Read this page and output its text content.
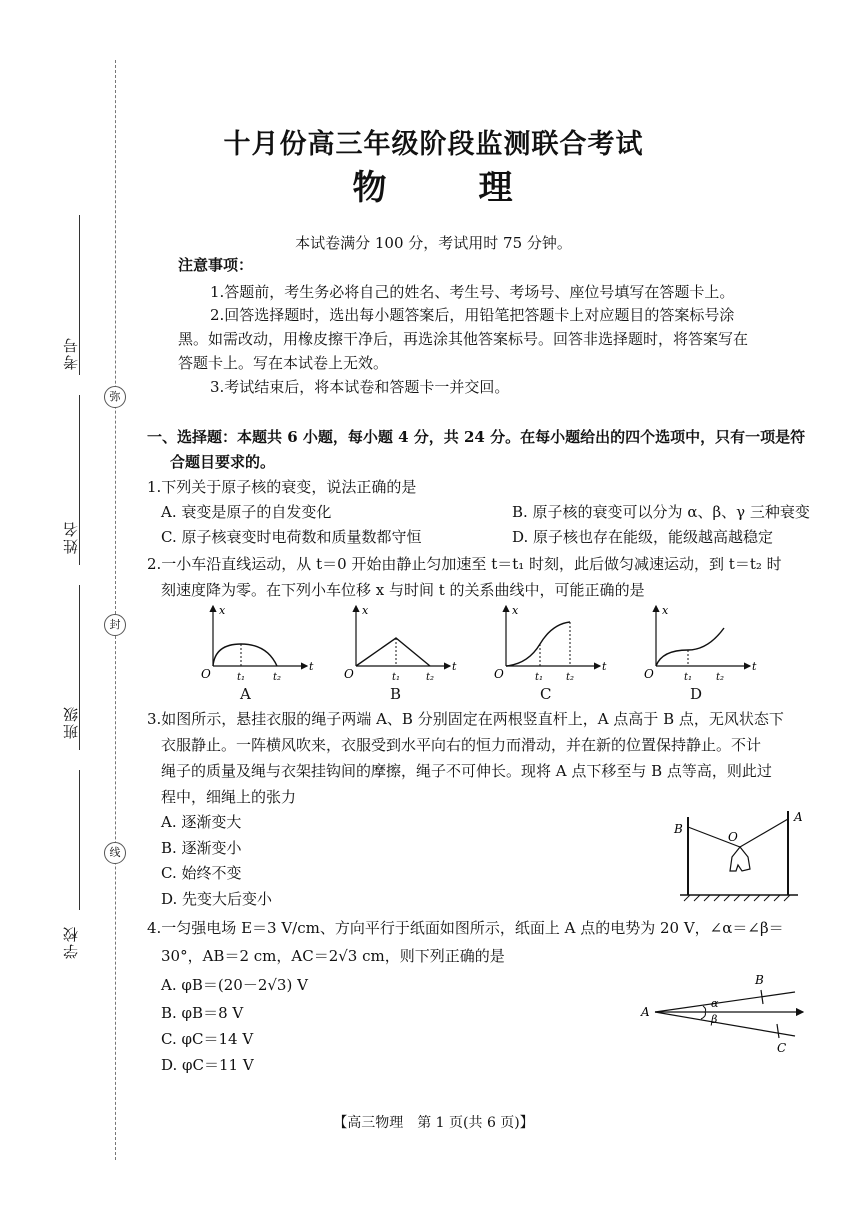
弥
封
线
考号
姓名
班级
学校
十月份高三年级阶段监测联合考试
物	理
本试卷满分 100 分，考试用时 75 分钟。
注意事项：
1.答题前，考生务必将自己的姓名、考生号、考场号、座位号填写在答题卡上。
2.回答选择题时，选出每小题答案后，用铅笔把答题卡上对应题目的答案标号涂
黑。如需改动，用橡皮擦干净后，再选涂其他答案标号。回答非选择题时，将答案写在
答题卡上。写在本试卷上无效。
3.考试结束后，将本试卷和答题卡一并交回。
一、选择题：本题共 6 小题，每小题 4 分，共 24 分。在每小题给出的四个选项中，只有一项是符
合题目要求的。
1.下列关于原子核的衰变，说法正确的是
A. 衰变是原子的自发变化	B. 原子核的衰变可以分为 α、β、γ 三种衰变
C. 原子核衰变时电荷数和质量数都守恒	D. 原子核也存在能级，能级越高越稳定
2.一小车沿直线运动，从 t＝0 开始由静止匀加速至 t＝t₁ 时刻，此后做匀减速运动，到 t＝t₂ 时
刻速度降为零。在下列小车位移 x 与时间 t 的关系曲线中，可能正确的是
x
t
O	t₁	t₂
x
t
O	t₁	t₂
x
t
O	t₁ t₂
x
t
O	t₁ t₂
A	B	C	D
3.如图所示，悬挂衣服的绳子两端 A、B 分别固定在两根竖直杆上，A 点高于 B 点，无风状态下
衣服静止。一阵横风吹来，衣服受到水平向右的恒力而滑动，并在新的位置保持静止。不计
绳子的质量及绳与衣架挂钩间的摩擦，绳子不可伸长。现将 A 点下移至与 B 点等高，则此过
程中，细绳上的张力
A. 逐渐变大
B. 逐渐变小
C. 始终不变
D. 先变大后变小
B
A
O
4.一匀强电场 E＝3 V/cm、方向平行于纸面如图所示，纸面上 A 点的电势为 20 V，∠α＝∠β＝
30°，AB＝2 cm，AC＝2√3 cm，则下列正确的是
A. φB＝(20－2√3) V
B. φB＝8 V
C. φC＝14 V
D. φC＝11 V
A
B
C
α
β
【高三物理　第 1 页(共 6 页)】
